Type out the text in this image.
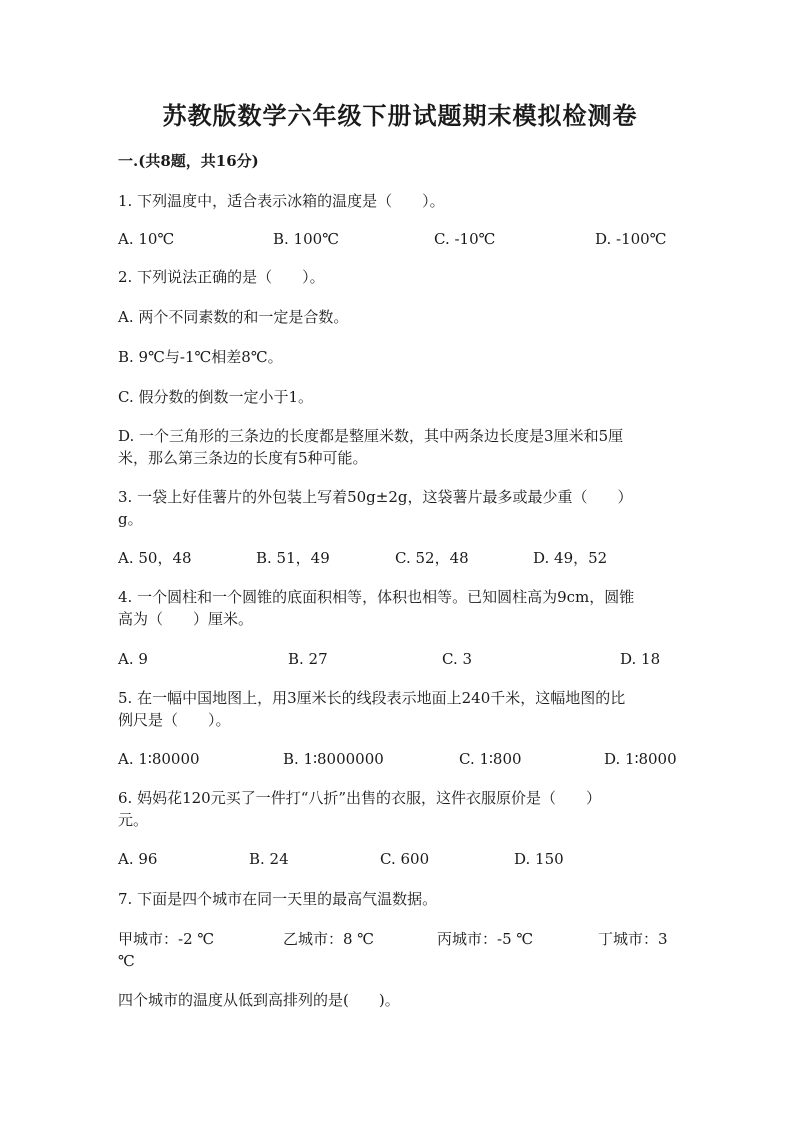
苏教版数学六年级下册试题期末模拟检测卷
一.(共8题，共16分)
1. 下列温度中，适合表示冰箱的温度是（　　）。
A. 10℃	B. 100℃	C. -10℃	D. -100℃
2. 下列说法正确的是（　　）。
A. 两个不同素数的和一定是合数。
B. 9℃与-1℃相差8℃。
C. 假分数的倒数一定小于1。
D. 一个三角形的三条边的长度都是整厘米数，其中两条边长度是3厘米和5厘
米，那么第三条边的长度有5种可能。
3. 一袋上好佳薯片的外包装上写着50g±2g，这袋薯片最多或最少重（　　）
g。
A. 50，48	B. 51，49	C. 52，48	D. 49，52
4. 一个圆柱和一个圆锥的底面积相等，体积也相等。已知圆柱高为9cm，圆锥
高为（　　）厘米。
A. 9	B. 27	C. 3	D. 18
5. 在一幅中国地图上，用3厘米长的线段表示地面上240千米，这幅地图的比
例尺是（　　）。
A. 1∶80000	B. 1∶8000000	C. 1∶800	D. 1∶8000
6. 妈妈花120元买了一件打“八折”出售的衣服，这件衣服原价是（　　）
元。
A. 96	B. 24	C. 600	D. 150
7. 下面是四个城市在同一天里的最高气温数据。
甲城市：-2 ℃	乙城市：8 ℃	丙城市：-5 ℃	丁城市：3
℃
四个城市的温度从低到高排列的是(　　)。
